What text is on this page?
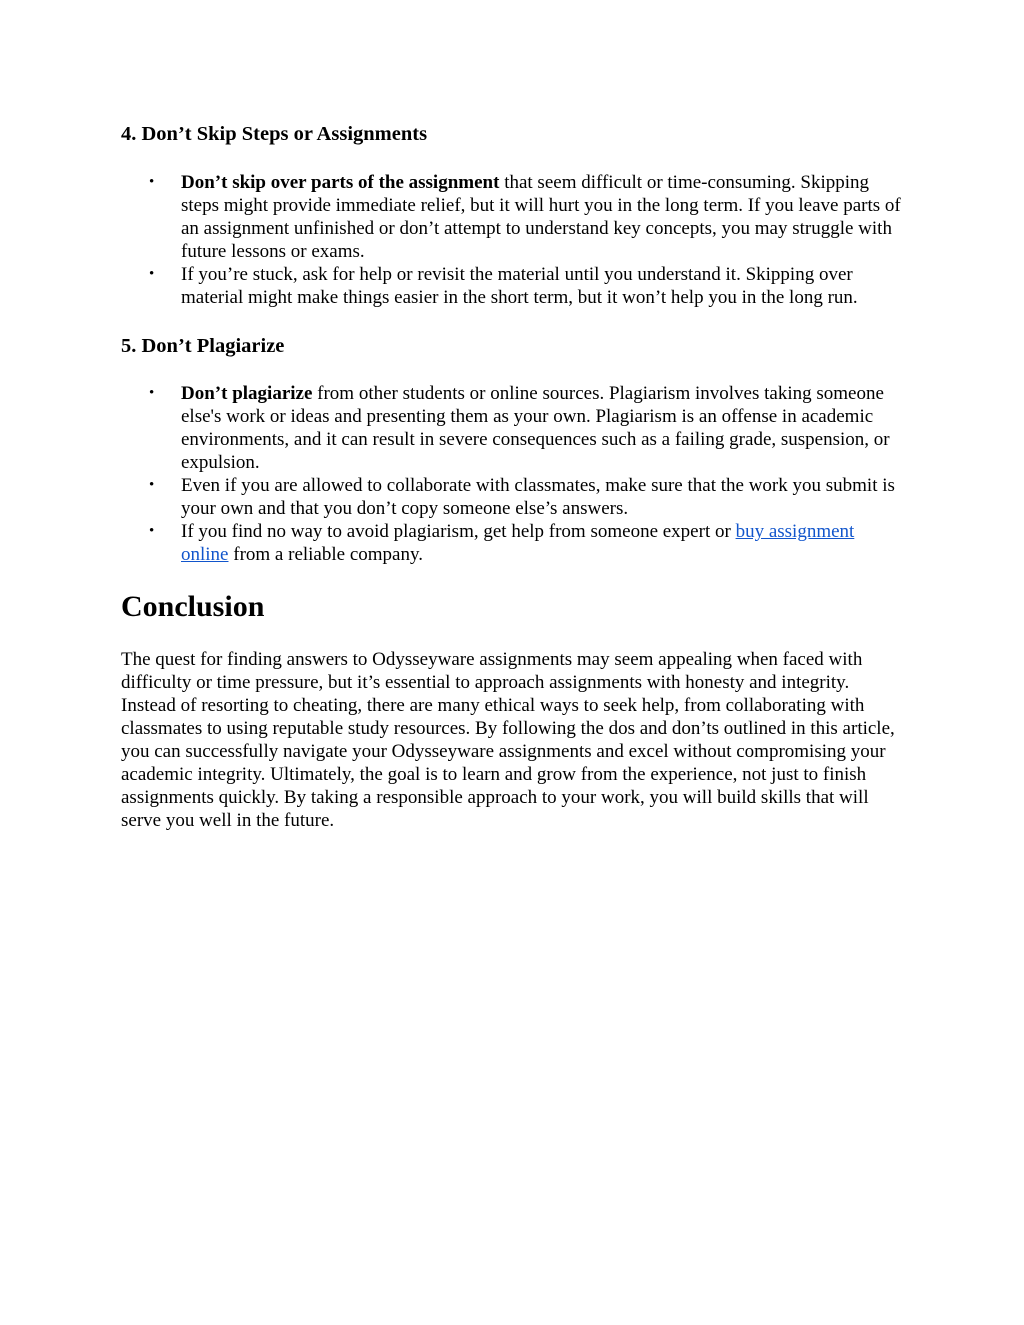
4. Don’t Skip Steps or Assignments
• Don’t skip over parts of the assignment that seem difficult or time-consuming. Skipping steps might provide immediate relief, but it will hurt you in the long term. If you leave parts of an assignment unfinished or don’t attempt to understand key concepts, you may struggle with future lessons or exams.
• If you’re stuck, ask for help or revisit the material until you understand it. Skipping over material might make things easier in the short term, but it won’t help you in the long run.
5. Don’t Plagiarize
• Don’t plagiarize from other students or online sources. Plagiarism involves taking someone else's work or ideas and presenting them as your own. Plagiarism is an offense in academic environments, and it can result in severe consequences such as a failing grade, suspension, or expulsion.
• Even if you are allowed to collaborate with classmates, make sure that the work you submit is your own and that you don’t copy someone else’s answers.
• If you find no way to avoid plagiarism, get help from someone expert or buy assignment online from a reliable company.
Conclusion

The quest for finding answers to Odysseyware assignments may seem appealing when faced with difficulty or time pressure, but it’s essential to approach assignments with honesty and integrity. Instead of resorting to cheating, there are many ethical ways to seek help, from collaborating with classmates to using reputable study resources. By following the dos and don’ts outlined in this article, you can successfully navigate your Odysseyware assignments and excel without compromising your academic integrity. Ultimately, the goal is to learn and grow from the experience, not just to finish assignments quickly. By taking a responsible approach to your work, you will build skills that will serve you well in the future.
